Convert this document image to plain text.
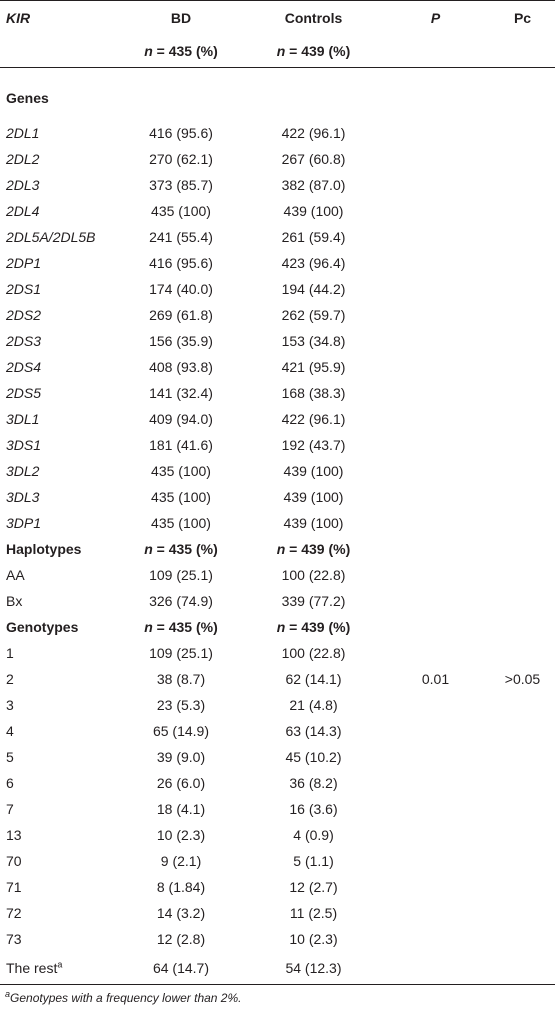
KIR	BD	Controls	P	Pc
	n = 435 (%)	n = 439 (%)		
Genes				
2DL1	416 (95.6)	422 (96.1)		
2DL2	270 (62.1)	267 (60.8)		
2DL3	373 (85.7)	382 (87.0)		
2DL4	435 (100)	439 (100)		
2DL5A/2DL5B	241 (55.4)	261 (59.4)		
2DP1	416 (95.6)	423 (96.4)		
2DS1	174 (40.0)	194 (44.2)		
2DS2	269 (61.8)	262 (59.7)		
2DS3	156 (35.9)	153 (34.8)		
2DS4	408 (93.8)	421 (95.9)		
2DS5	141 (32.4)	168 (38.3)		
3DL1	409 (94.0)	422 (96.1)		
3DS1	181 (41.6)	192 (43.7)		
3DL2	435 (100)	439 (100)		
3DL3	435 (100)	439 (100)		
3DP1	435 (100)	439 (100)		
Haplotypes	n = 435 (%)	n = 439 (%)		
AA	109 (25.1)	100 (22.8)		
Bx	326 (74.9)	339 (77.2)		
Genotypes	n = 435 (%)	n = 439 (%)		
1	109 (25.1)	100 (22.8)		
2	38 (8.7)	62 (14.1)	0.01	>0.05
3	23 (5.3)	21 (4.8)		
4	65 (14.9)	63 (14.3)		
5	39 (9.0)	45 (10.2)		
6	26 (6.0)	36 (8.2)		
7	18 (4.1)	16 (3.6)		
13	10 (2.3)	4 (0.9)		
70	9 (2.1)	5 (1.1)		
71	8 (1.84)	12 (2.7)		
72	14 (3.2)	11 (2.5)		
73	12 (2.8)	10 (2.3)		
The rest$^a$	64 (14.7)	54 (12.3)		
$^a$Genotypes with a frequency lower than 2%.
